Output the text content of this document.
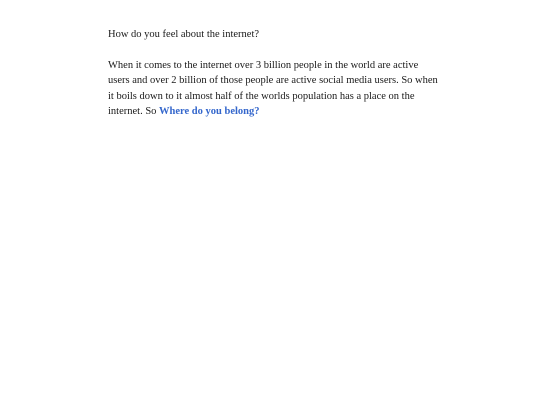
How do you feel about the internet?

When it comes to the internet over 3 billion people in the world are active users and over 2 billion of those people are active social media users. So when it boils down to it almost half of the worlds population has a place on the internet. So Where do you belong?
